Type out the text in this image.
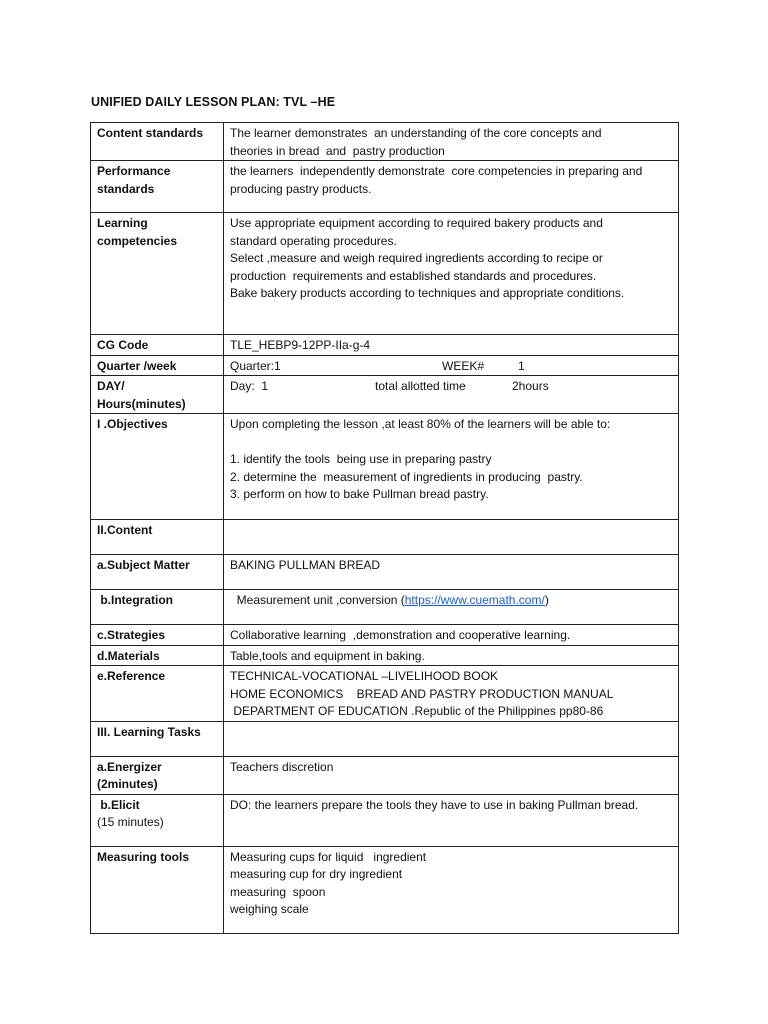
UNIFIED DAILY LESSON PLAN: TVL –HE
Content standards	The learner demonstrates  an understanding of the core concepts and
theories in bread  and  pastry production

Performance
standards	the learners  independently demonstrate  core competencies in preparing and
producing pastry products.

Learning
competencies	Use appropriate equipment according to required bakery products and
standard operating procedures.
Select ,measure and weigh required ingredients according to recipe or
production  requirements and established standards and procedures.
Bake bakery products according to techniques and appropriate conditions.

CG Code	TLE_HEBP9-12PP-IIa-g-4

Quarter /week	Quarter:1 WEEK# 1

DAY/
Hours(minutes)	Day:  1 total allotted time 2hours

I .Objectives	Upon completing the lesson ,at least 80% of the learners will be able to:
1. identify the tools  being use in preparing pastry
2. determine the  measurement of ingredients in producing  pastry.
3. perform on how to bake Pullman bread pastry.

II.Content	

a.Subject Matter	BAKING PULLMAN BREAD

b.Integration	Measurement unit ,conversion ( https://www.cuemath.com/ )

c.Strategies	Collaborative learning  ,demonstration and cooperative learning.

d.Materials	Table,tools and equipment in baking.

e.Reference	TECHNICAL-VOCATIONAL –LIVELIHOOD BOOK
HOME ECONOMICS    BREAD AND PASTRY PRODUCTION MANUAL
DEPARTMENT OF EDUCATION .Republic of the Philippines pp80-86

III. Learning Tasks	

a.Energizer
(2minutes)	Teachers discretion

b.Elicit
(15 minutes)	DO: the learners prepare the tools they have to use in baking Pullman bread.

Measuring tools	Measuring cups for liquid   ingredient
measuring cup for dry ingredient
measuring  spoon
weighing scale
